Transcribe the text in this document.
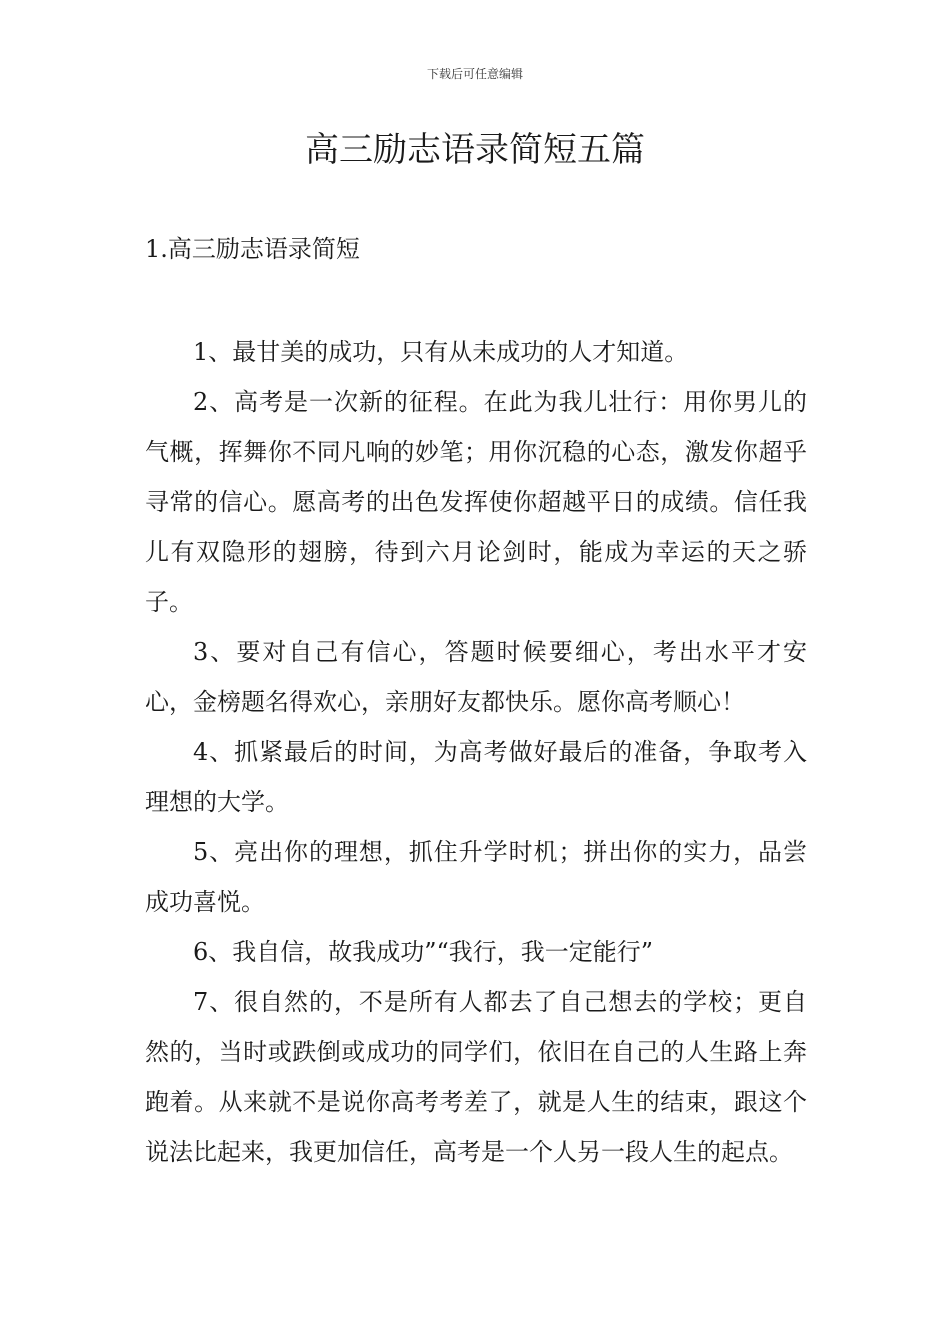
下载后可任意编辑
高三励志语录简短五篇
1.高三励志语录简短

1、最甘美的成功，只有从未成功的人才知道。

2、高考是一次新的征程。在此为我儿壮行：用你男儿的气概，挥舞你不同凡响的妙笔；用你沉稳的心态，激发你超乎寻常的信心。愿高考的出色发挥使你超越平日的成绩。信任我儿有双隐形的翅膀，待到六月论剑时，能成为幸运的天之骄子。

3、要对自己有信心，答题时候要细心，考出水平才安心，金榜题名得欢心，亲朋好友都快乐。愿你高考顺心！

4、抓紧最后的时间，为高考做好最后的准备，争取考入理想的大学。

5、亮出你的理想，抓住升学时机；拼出你的实力，品尝成功喜悦。

6、我自信，故我成功”“我行，我一定能行”

7、很自然的，不是所有人都去了自己想去的学校；更自然的，当时或跌倒或成功的同学们，依旧在自己的人生路上奔跑着。从来就不是说你高考考差了，就是人生的结束，跟这个说法比起来，我更加信任，高考是一个人另一段人生的起点。
